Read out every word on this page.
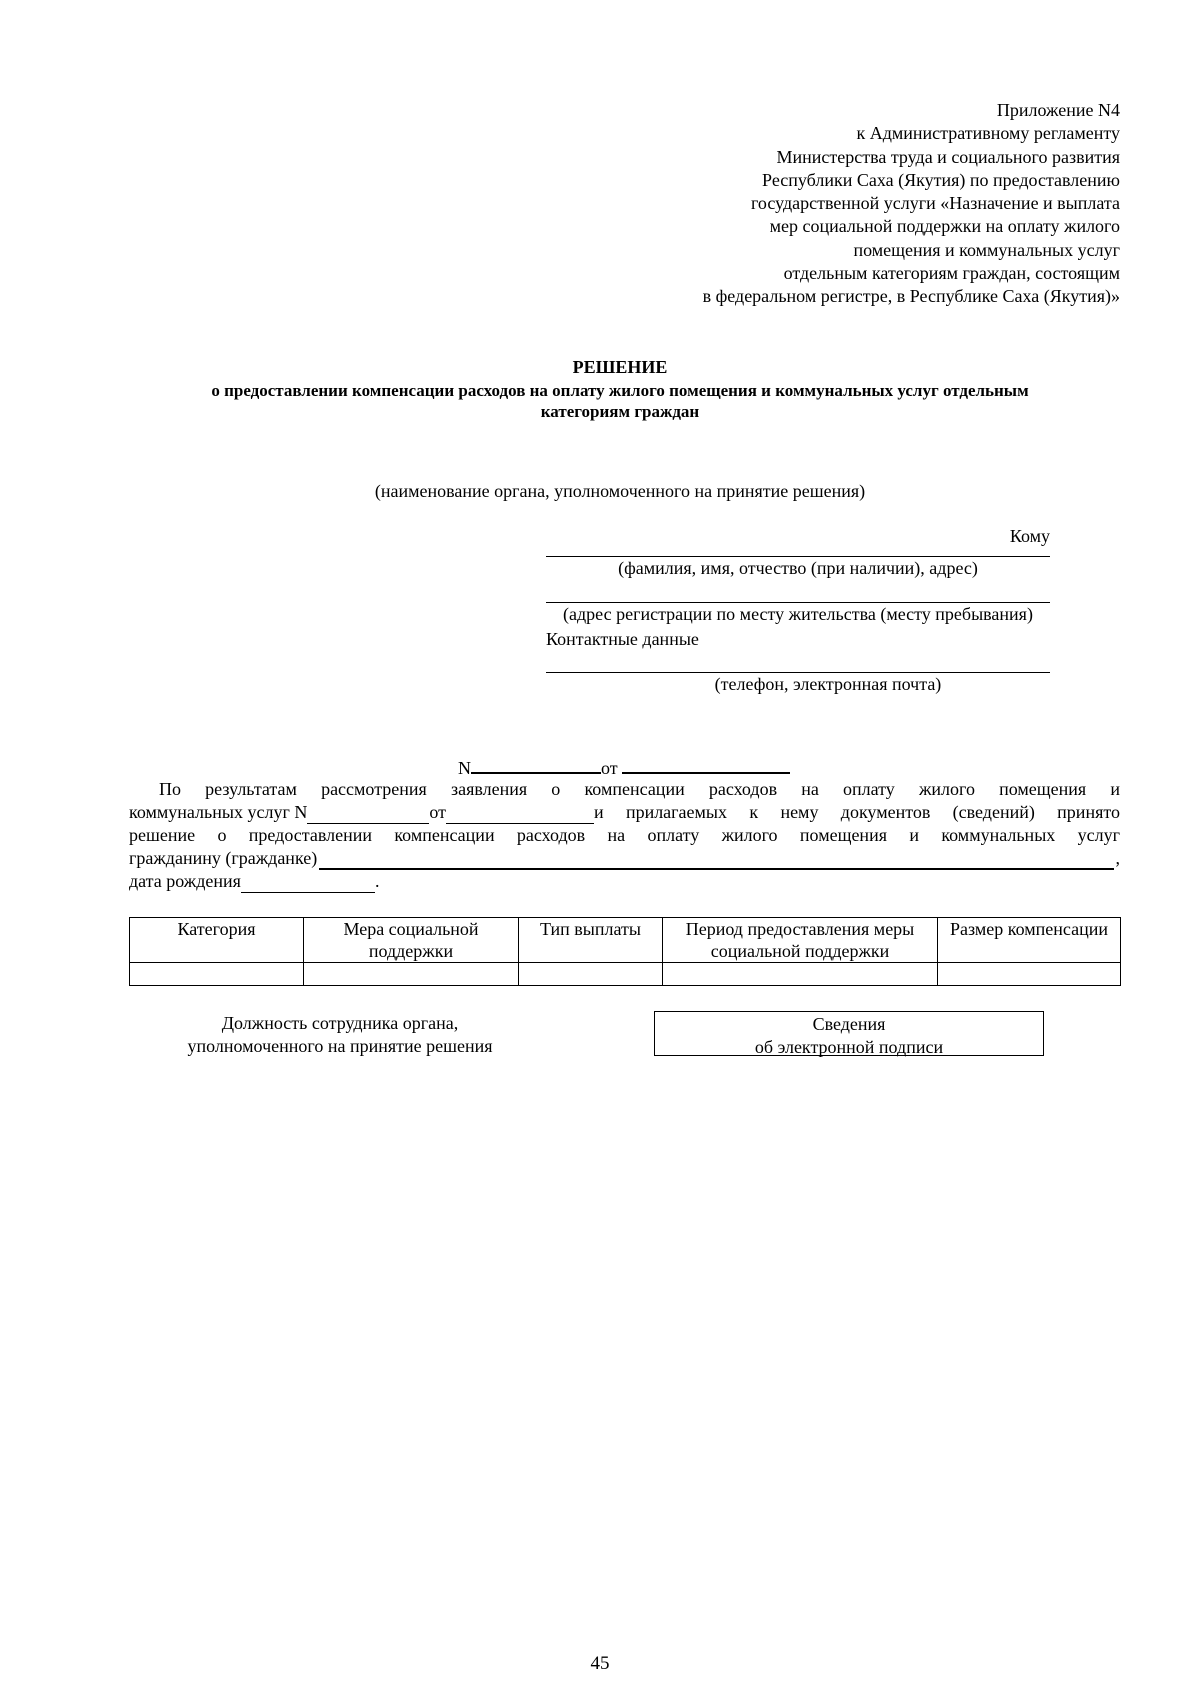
Приложение N4
к Административному регламенту
Министерства труда и социального развития
Республики Саха (Якутия) по предоставлению
государственной услуги «Назначение и выплата
мер социальной поддержки на оплату жилого
помещения и коммунальных услуг
отдельным категориям граждан, состоящим
в федеральном регистре, в Республике Саха (Якутия)»
РЕШЕНИЕ
о предоставлении компенсации расходов на оплату жилого помещения и коммунальных услуг отдельным
категориям граждан
(наименование органа, уполномоченного на принятие решения)
Кому
(фамилия, имя, отчество (при наличии), адрес)
(адрес регистрации по месту жительства (месту пребывания)
Контактные данные
(телефон, электронная почта)
N	от
По результатам рассмотрения заявления о компенсации расходов на оплату жилого помещения и
коммунальных услуг N	от	и прилагаемых к нему документов (сведений) принято
решение о предоставлении компенсации расходов на оплату жилого помещения и коммунальных услуг
гражданину (гражданке)	,
дата рождения	.
Категория	Мера социальной поддержки	Тип выплаты	Период предоставления меры социальной поддержки	Размер компенсации

Должность сотрудника органа, уполномоченного на принятие решения
Сведения
об электронной подписи
45
